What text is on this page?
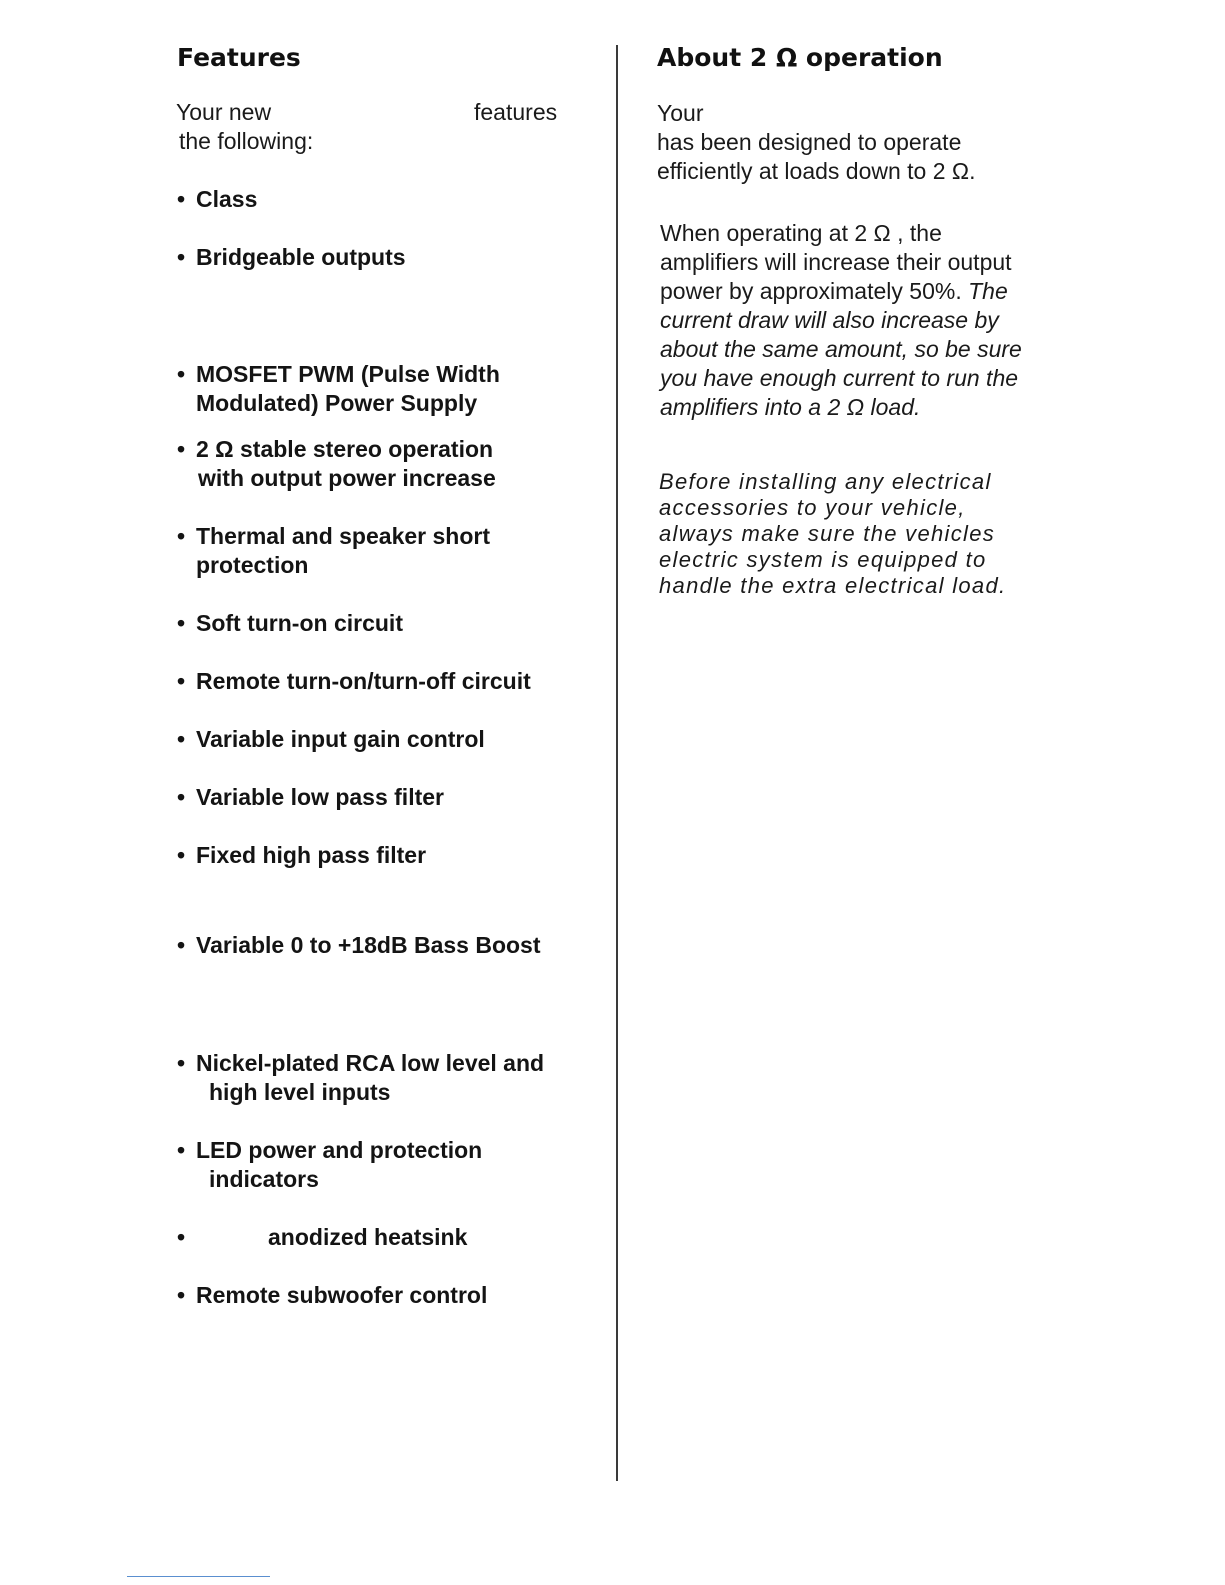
Features
Your new	features
the following:
• Class
• Bridgeable outputs
• MOSFET PWM (Pulse Width
Modulated) Power Supply
• 2 Ω stable stereo operation
with output power increase
• Thermal and speaker short
protection
• Soft turn-on circuit
• Remote turn-on/turn-off circuit
• Variable input gain control
• Variable low pass filter
• Fixed high pass filter
• Variable 0 to +18dB Bass Boost
• Nickel-plated RCA low level and
high level inputs
• LED power and protection
indicators
•	anodized heatsink
• Remote subwoofer control
About 2 Ω operation
Your
has been designed to operate
efficiently at loads down to 2 Ω.
When operating at 2 Ω , the
amplifiers will increase their output
power by approximately 50%. The
current draw will also increase by
about the same amount, so be sure
you have enough current to run the
amplifiers into a 2 Ω load.
Before installing any electrical
accessories to your vehicle,
always make sure the vehicles
electric system is equipped to
handle the extra electrical load.
